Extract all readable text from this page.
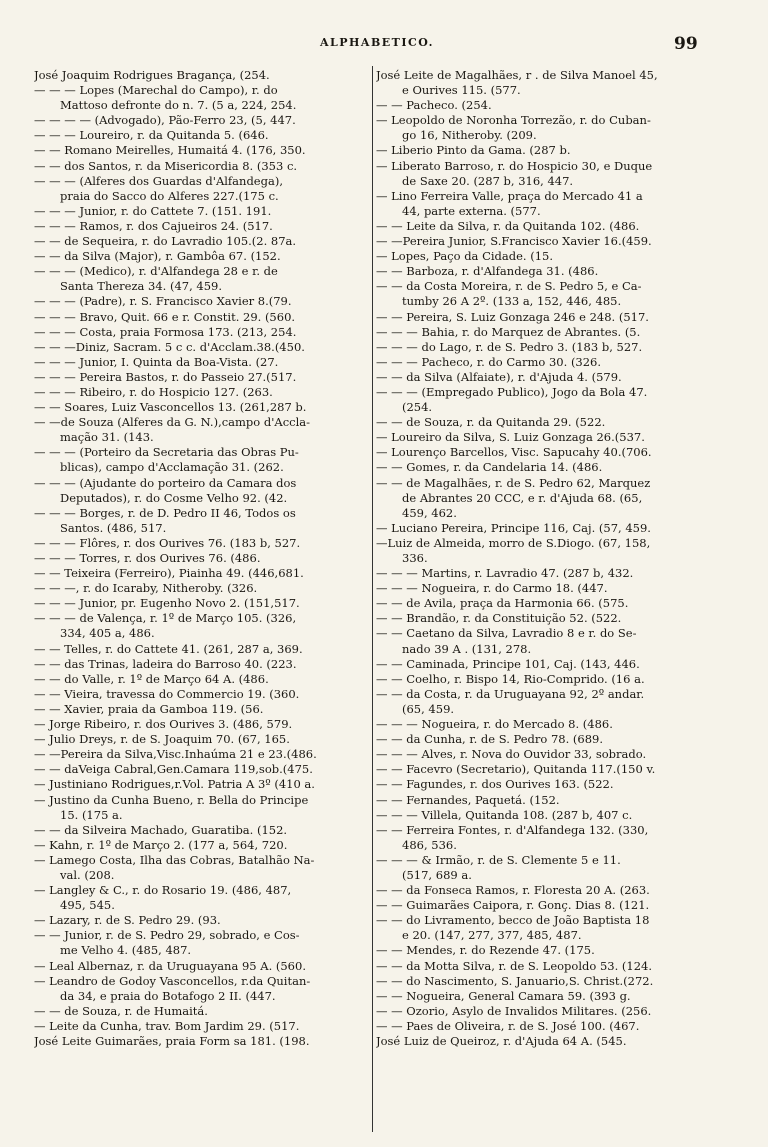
ALPHABETICO.	99
José Joaquim Rodrigues Bragança, (254.
— — — Lopes (Marechal do Campo), r. do
Mattoso defronte do n. 7. (5 a, 224, 254.
— — — — (Advogado), Pão-Ferro 23, (5, 447.
— — — Loureiro, r. da Quitanda 5. (646.
— — Romano Meirelles, Humaitá 4. (176, 350.
— — dos Santos, r. da Misericordia 8. (353 c.
— — — (Alferes dos Guardas d'Alfandega),
praia do Sacco do Alferes 227.(175 c.
— — — Junior, r. do Cattete 7. (151. 191.
— — — Ramos, r. dos Cajueiros 24. (517.
— — de Sequeira, r. do Lavradio 105.(2. 87a.
— — da Silva (Major), r. Gambôa 67. (152.
— — — (Medico), r. d'Alfandega 28 e r. de
Santa Thereza 34. (47, 459.
— — — (Padre), r. S. Francisco Xavier 8.(79.
— — — Bravo, Quit. 66 e r. Constit. 29. (560.
— — — Costa, praia Formosa 173. (213, 254.
— — —Diniz, Sacram. 5 c c. d'Acclam.38.(450.
— — — Junior, I. Quinta da Boa-Vista. (27.
— — — Pereira Bastos, r. do Passeio 27.(517.
— — — Ribeiro, r. do Hospicio 127. (263.
— — Soares, Luiz Vasconcellos 13. (261,287 b.
— —de Souza (Alferes da G. N.),campo d'Accla-
mação 31. (143.
— — — (Porteiro da Secretaria das Obras Pu-
blicas), campo d'Acclamação 31. (262.
— — — (Ajudante do porteiro da Camara dos
Deputados), r. do Cosme Velho 92. (42.
— — — Borges, r. de D. Pedro II 46, Todos os
Santos. (486, 517.
— — — Flôres, r. dos Ourives 76. (183 b, 527.
— — — Torres, r. dos Ourives 76. (486.
— — Teixeira (Ferreiro), Piainha 49. (446,681.
— — —, r. do Icaraby, Nitheroby. (326.
— — — Junior, pr. Eugenho Novo 2. (151,517.
— — — de Valença, r. 1º de Março 105. (326,
334, 405 a, 486.
— — Telles, r. do Cattete 41. (261, 287 a, 369.
— — das Trinas, ladeira do Barroso 40. (223.
— — do Valle, r. 1º de Março 64 A. (486.
— — Vieira, travessa do Commercio 19. (360.
— — Xavier, praia da Gamboa 119. (56.
— Jorge Ribeiro, r. dos Ourives 3. (486, 579.
— Julio Dreys, r. de S. Joaquim 70. (67, 165.
— —Pereira da Silva,Visc.Inhaúma 21 e 23.(486.
— — daVeiga Cabral,Gen.Camara 119,sob.(475.
— Justiniano Rodrigues,r.Vol. Patria A 3º (410 a.
— Justino da Cunha Bueno, r. Bella do Principe
15. (175 a.
— — da Silveira Machado, Guaratiba. (152.
— Kahn, r. 1º de Março 2. (177 a, 564, 720.
— Lamego Costa, Ilha das Cobras, Batalhão Na-
val. (208.
— Langley & C., r. do Rosario 19. (486, 487,
495, 545.
— Lazary, r. de S. Pedro 29. (93.
— — Junior, r. de S. Pedro 29, sobrado, e Cos-
me Velho 4. (485, 487.
— Leal Albernaz, r. da Uruguayana 95 A. (560.
— Leandro de Godoy Vasconcellos, r.da Quitan-
da 34, e praia do Botafogo 2 II. (447.
— — de Souza, r. de Humaitá.
— Leite da Cunha, trav. Bom Jardim 29. (517.
José Leite Guimarães, praia Form sa 181. (198.
José Leite de Magalhães, r . de Silva Manoel 45,
e Ourives 115. (577.
— — Pacheco. (254.
— Leopoldo de Noronha Torrezão, r. do Cuban-
go 16, Nitheroby. (209.
— Liberio Pinto da Gama. (287 b.
— Liberato Barroso, r. do Hospicio 30, e Duque
de Saxe 20. (287 b, 316, 447.
— Lino Ferreira Valle, praça do Mercado 41 a
44, parte externa. (577.
— — Leite da Silva, r. da Quitanda 102. (486.
— —Pereira Junior, S.Francisco Xavier 16.(459.
— Lopes, Paço da Cidade. (15.
— — Barboza, r. d'Alfandega 31. (486.
— — da Costa Moreira, r. de S. Pedro 5, e Ca-
tumby 26 A 2º. (133 a, 152, 446, 485.
— — Pereira, S. Luiz Gonzaga 246 e 248. (517.
— — — Bahia, r. do Marquez de Abrantes. (5.
— — — do Lago, r. de S. Pedro 3. (183 b, 527.
— — — Pacheco, r. do Carmo 30. (326.
— — da Silva (Alfaiate), r. d'Ajuda 4. (579.
— — — (Empregado Publico), Jogo da Bola 47.
(254.
— — de Souza, r. da Quitanda 29. (522.
— Loureiro da Silva, S. Luiz Gonzaga 26.(537.
— Lourenço Barcellos, Visc. Sapucahy 40.(706.
— — Gomes, r. da Candelaria 14. (486.
— — de Magalhães, r. de S. Pedro 62, Marquez
de Abrantes 20 CCC, e r. d'Ajuda 68. (65,
459, 462.
— Luciano Pereira, Principe 116, Caj. (57, 459.
—Luiz de Almeida, morro de S.Diogo. (67, 158,
336.
— — — Martins, r. Lavradio 47. (287 b, 432.
— — — Nogueira, r. do Carmo 18. (447.
— — de Avila, praça da Harmonia 66. (575.
— — Brandão, r. da Constituição 52. (522.
— — Caetano da Silva, Lavradio 8 e r. do Se-
nado 39 A . (131, 278.
— — Caminada, Principe 101, Caj. (143, 446.
— — Coelho, r. Bispo 14, Rio-Comprido. (16 a.
— — da Costa, r. da Uruguayana 92, 2º andar.
(65, 459.
— — — Nogueira, r. do Mercado 8. (486.
— — da Cunha, r. de S. Pedro 78. (689.
— — — Alves, r. Nova do Ouvidor 33, sobrado.
— — Facevro (Secretario), Quitanda 117.(150 v.
— — Fagundes, r. dos Ourives 163. (522.
— — Fernandes, Paquetá. (152.
— — — Villela, Quitanda 108. (287 b, 407 c.
— — Ferreira Fontes, r. d'Alfandega 132. (330,
486, 536.
— — — & Irmão, r. de S. Clemente 5 e 11.
(517, 689 a.
— — da Fonseca Ramos, r. Floresta 20 A. (263.
— — Guimarães Caipora, r. Gonç. Dias 8. (121.
— — do Livramento, becco de João Baptista 18
e 20. (147, 277, 377, 485, 487.
— — Mendes, r. do Rezende 47. (175.
— — da Motta Silva, r. de S. Leopoldo 53. (124.
— — do Nascimento, S. Januario,S. Christ.(272.
— — Nogueira, General Camara 59. (393 g.
— — Ozorio, Asylo de Invalidos Militares. (256.
— — Paes de Oliveira, r. de S. José 100. (467.
José Luiz de Queiroz, r. d'Ajuda 64 A. (545.
